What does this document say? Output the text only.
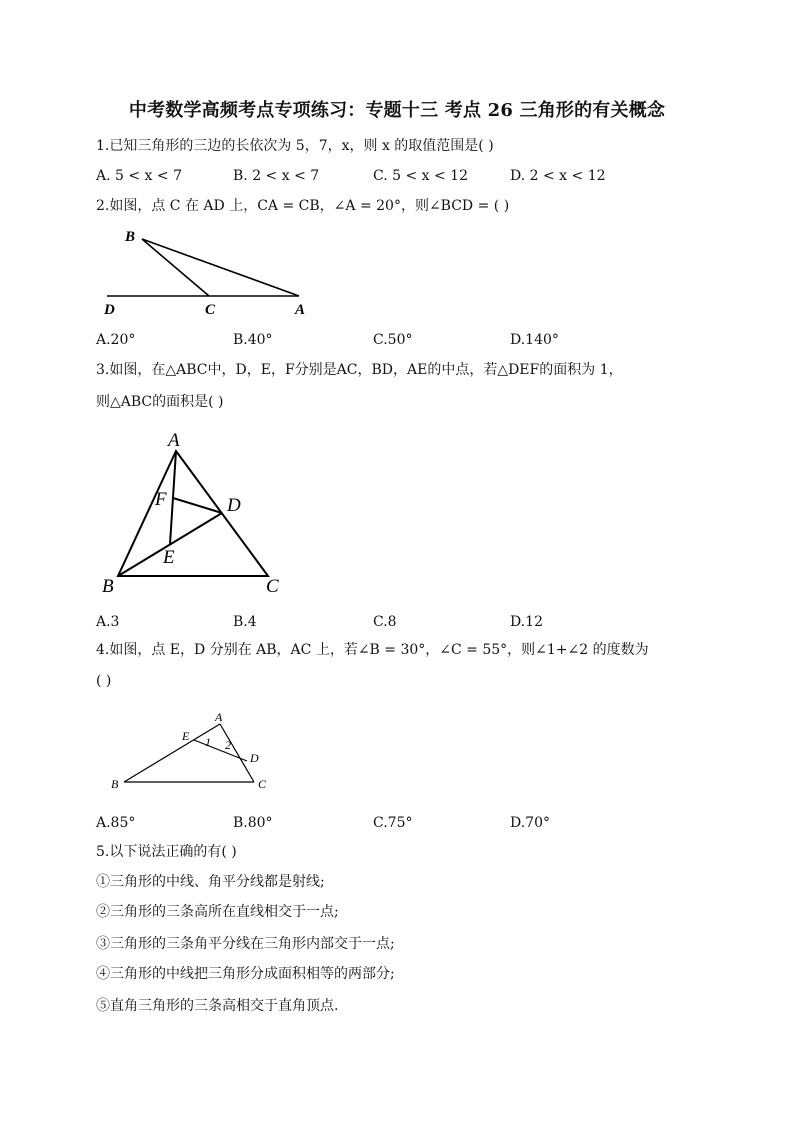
中考数学高频考点专项练习：专题十三 考点 26 三角形的有关概念
1.已知三角形的三边的长依次为 5，7，x，则 x 的取值范围是( )
A. 5 < x < 7	B. 2 < x < 7	C. 5 < x < 12	D. 2 < x < 12
2.如图，点 C 在 AD 上，CA = CB，∠A = 20°，则∠BCD = ( )
B
D	C	A
A.20°	B.40°	C.50°	D.140°
3.如图，在△ABC中，D，E，F分别是AC，BD，AE的中点，若△DEF的面积为 1，
则△ABC的面积是( )
A
F	D
E
B	C
A.3	B.4	C.8	D.12
4.如图，点 E，D 分别在 AB，AC 上，若∠B = 30°，∠C = 55°，则∠1+∠2 的度数为
( )
A
E 1 2
D
B	C
A.85°	B.80°	C.75°	D.70°
5.以下说法正确的有( )
①三角形的中线、角平分线都是射线;
②三角形的三条高所在直线相交于一点;
③三角形的三条角平分线在三角形内部交于一点;
④三角形的中线把三角形分成面积相等的两部分;
⑤直角三角形的三条高相交于直角顶点.
